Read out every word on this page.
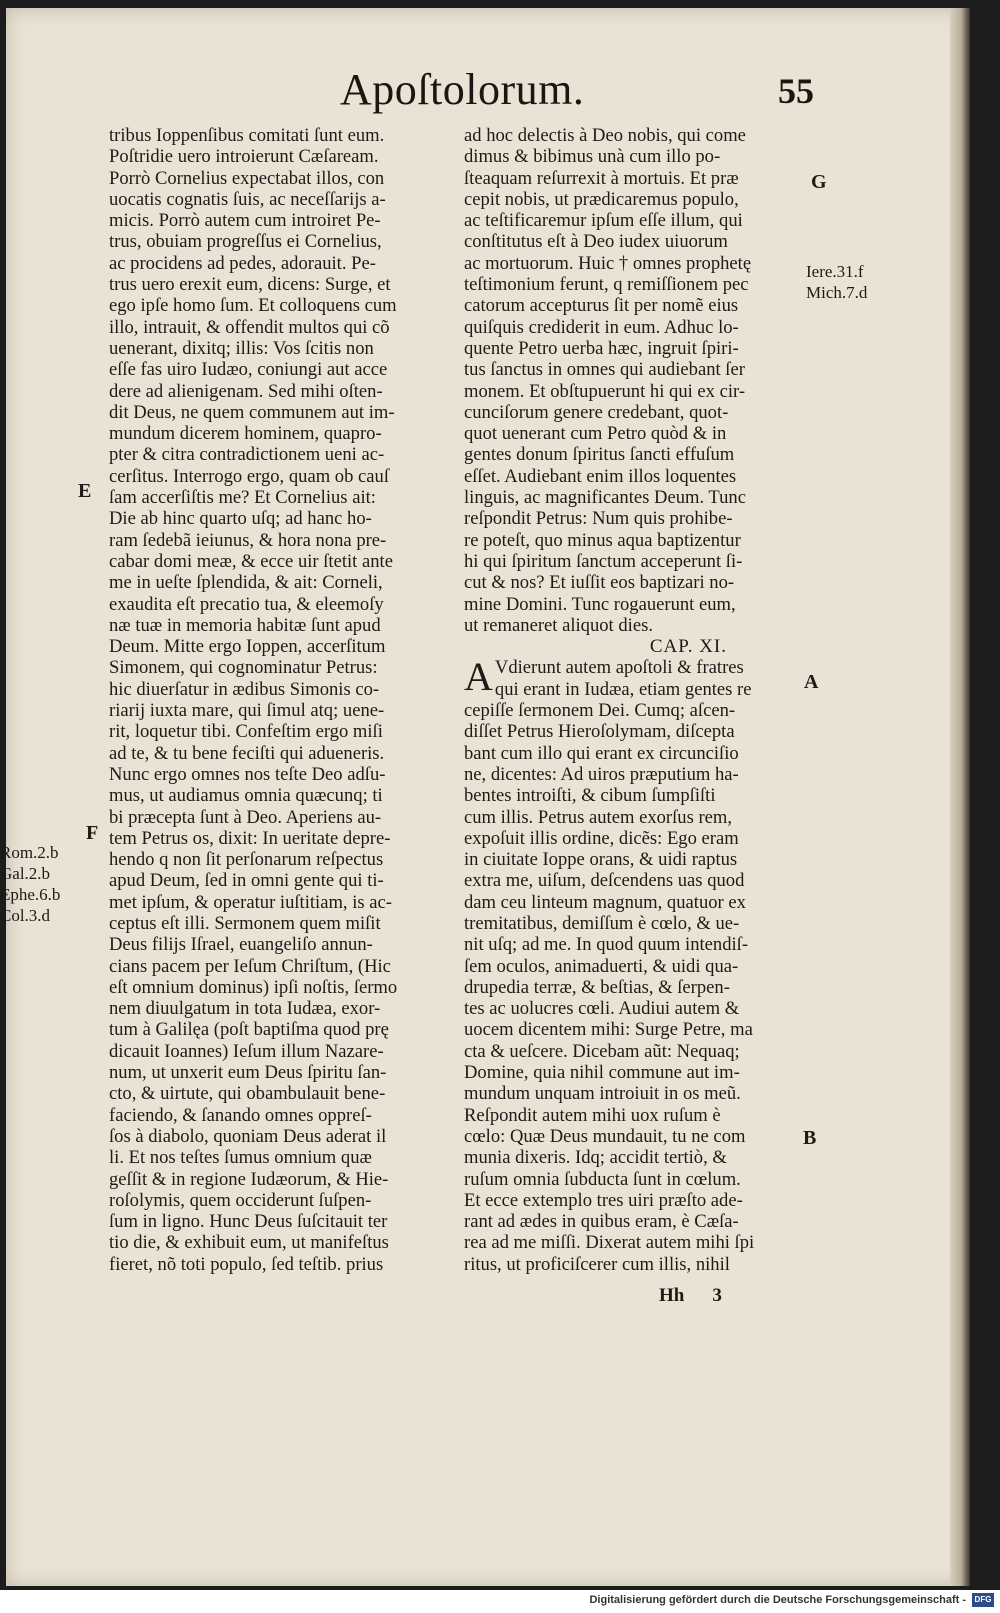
Apoſtolorum.	55
tribus Ioppenſibus comitati ſunt eum.
Poſtridie uero introierunt Cæſaream.
Porrò Cornelius expectabat illos, con
uocatis cognatis ſuis, ac neceſſarijs a-
micis. Porrò autem cum introiret Pe-
trus, obuiam progreſſus ei Cornelius,
ac procidens ad pedes, adorauit. Pe-
trus uero erexit eum, dicens: Surge, et
ego ipſe homo ſum. Et colloquens cum
illo, intrauit, & offendit multos qui cõ
uenerant, dixitq; illis: Vos ſcitis non
eſſe fas uiro Iudæo, coniungi aut acce
dere ad alienigenam. Sed mihi oſten-
dit Deus, ne quem communem aut im-
mundum dicerem hominem, quapro-
pter & citra contradictionem ueni ac-
cerſitus. Interrogo ergo, quam ob cauſ
ſam accerſiſtis me? Et Cornelius ait:
Die ab hinc quarto uſq; ad hanc ho-
ram ſedebã ieiunus, & hora nona pre-
cabar domi meæ, & ecce uir ſtetit ante
me in ueſte ſplendida, & ait: Corneli,
exaudita eſt precatio tua, & eleemoſy
næ tuæ in memoria habitæ ſunt apud
Deum. Mitte ergo Ioppen, accerſitum
Simonem, qui cognominatur Petrus:
hic diuerſatur in ædibus Simonis co-
riarij iuxta mare, qui ſimul atq; uene-
rit, loquetur tibi. Confeſtim ergo miſi
ad te, & tu bene feciſti qui adueneris.
Nunc ergo omnes nos teſte Deo adſu-
mus, ut audiamus omnia quæcunq; ti
bi præcepta ſunt à Deo. Aperiens au-
tem Petrus os, dixit: In ueritate depre-
hendo q non ſit perſonarum reſpectus
apud Deum, ſed in omni gente qui ti-
met ipſum, & operatur iuſtitiam, is ac-
ceptus eſt illi. Sermonem quem miſit
Deus filijs Iſrael, euangeliſo annun-
cians pacem per Ieſum Chriſtum, (Hic
eſt omnium dominus) ipſi noſtis, ſermo
nem diuulgatum in tota Iudæa, exor-
tum à Galilęa (poſt baptiſma quod prę
dicauit Ioannes) Ieſum illum Nazare-
num, ut unxerit eum Deus ſpiritu ſan-
cto, & uirtute, qui obambulauit bene-
faciendo, & ſanando omnes oppreſ-
ſos à diabolo, quoniam Deus aderat il
li. Et nos teſtes ſumus omnium quæ
geſſit & in regione Iudæorum, & Hie-
roſolymis, quem occiderunt ſuſpen-
ſum in ligno. Hunc Deus ſuſcitauit ter
tio die, & exhibuit eum, ut manifeſtus
fieret, nõ toti populo, ſed teſtib. prius
ad hoc delectis à Deo nobis, qui come
dimus & bibimus unà cum illo po-
ſteaquam reſurrexit à mortuis. Et præ
cepit nobis, ut prædicaremus populo,
ac teſtificaremur ipſum eſſe illum, qui
conſtitutus eſt à Deo iudex uiuorum
ac mortuorum. Huic † omnes prophetę
teſtimonium ferunt, q remiſſionem pec
catorum accepturus ſit per nomẽ eius
quiſquis crediderit in eum. Adhuc lo-
quente Petro uerba hæc, ingruit ſpiri-
tus ſanctus in omnes qui audiebant ſer
monem. Et obſtupuerunt hi qui ex cir-
cunciſorum genere credebant, quot-
quot uenerant cum Petro quòd & in
gentes donum ſpiritus ſancti effuſum
eſſet. Audiebant enim illos loquentes
linguis, ac magnificantes Deum. Tunc
reſpondit Petrus: Num quis prohibe-
re poteſt, quo minus aqua baptizentur
hi qui ſpiritum ſanctum acceperunt ſi-
cut & nos? Et iuſſit eos baptizari no-
mine Domini. Tunc rogauerunt eum,
ut remaneret aliquot dies.
CAP. XI.
A Vdierunt autem apoſtoli & fratres
qui erant in Iudæa, etiam gentes re
cepiſſe ſermonem Dei. Cumq; aſcen-
diſſet Petrus Hieroſolymam, diſcepta
bant cum illo qui erant ex circunciſio
ne, dicentes: Ad uiros præputium ha-
bentes introiſti, & cibum ſumpſiſti
cum illis. Petrus autem exorſus rem,
expoſuit illis ordine, dicẽs: Ego eram
in ciuitate Ioppe orans, & uidi raptus
extra me, uiſum, deſcendens uas quod
dam ceu linteum magnum, quatuor ex
tremitatibus, demiſſum è cœlo, & ue-
nit uſq; ad me. In quod quum intendiſ-
ſem oculos, animaduerti, & uidi qua-
drupedia terræ, & beſtias, & ſerpen-
tes ac uolucres cœli. Audiui autem &
uocem dicentem mihi: Surge Petre, ma
cta & ueſcere. Dicebam aũt: Nequaq;
Domine, quia nihil commune aut im-
mundum unquam introiuit in os meũ.
Reſpondit autem mihi uox ruſum è
cœlo: Quæ Deus mundauit, tu ne com
munia dixeris. Idq; accidit tertiò, &
ruſum omnia ſubducta ſunt in cœlum.
Et ecce extemplo tres uiri præſto ade-
rant ad ædes in quibus eram, è Cæſa-
rea ad me miſſi. Dixerat autem mihi ſpi
ritus, ut proficiſcerer cum illis, nihil
Hh 3
E
F
G
A
B
Iere.31.f
Mich.7.d
Rom.2.b
Gal.2.b
Ephe.6.b
Col.3.d
Digitalisierung gefördert durch die Deutsche Forschungsgemeinschaft -	DFG
